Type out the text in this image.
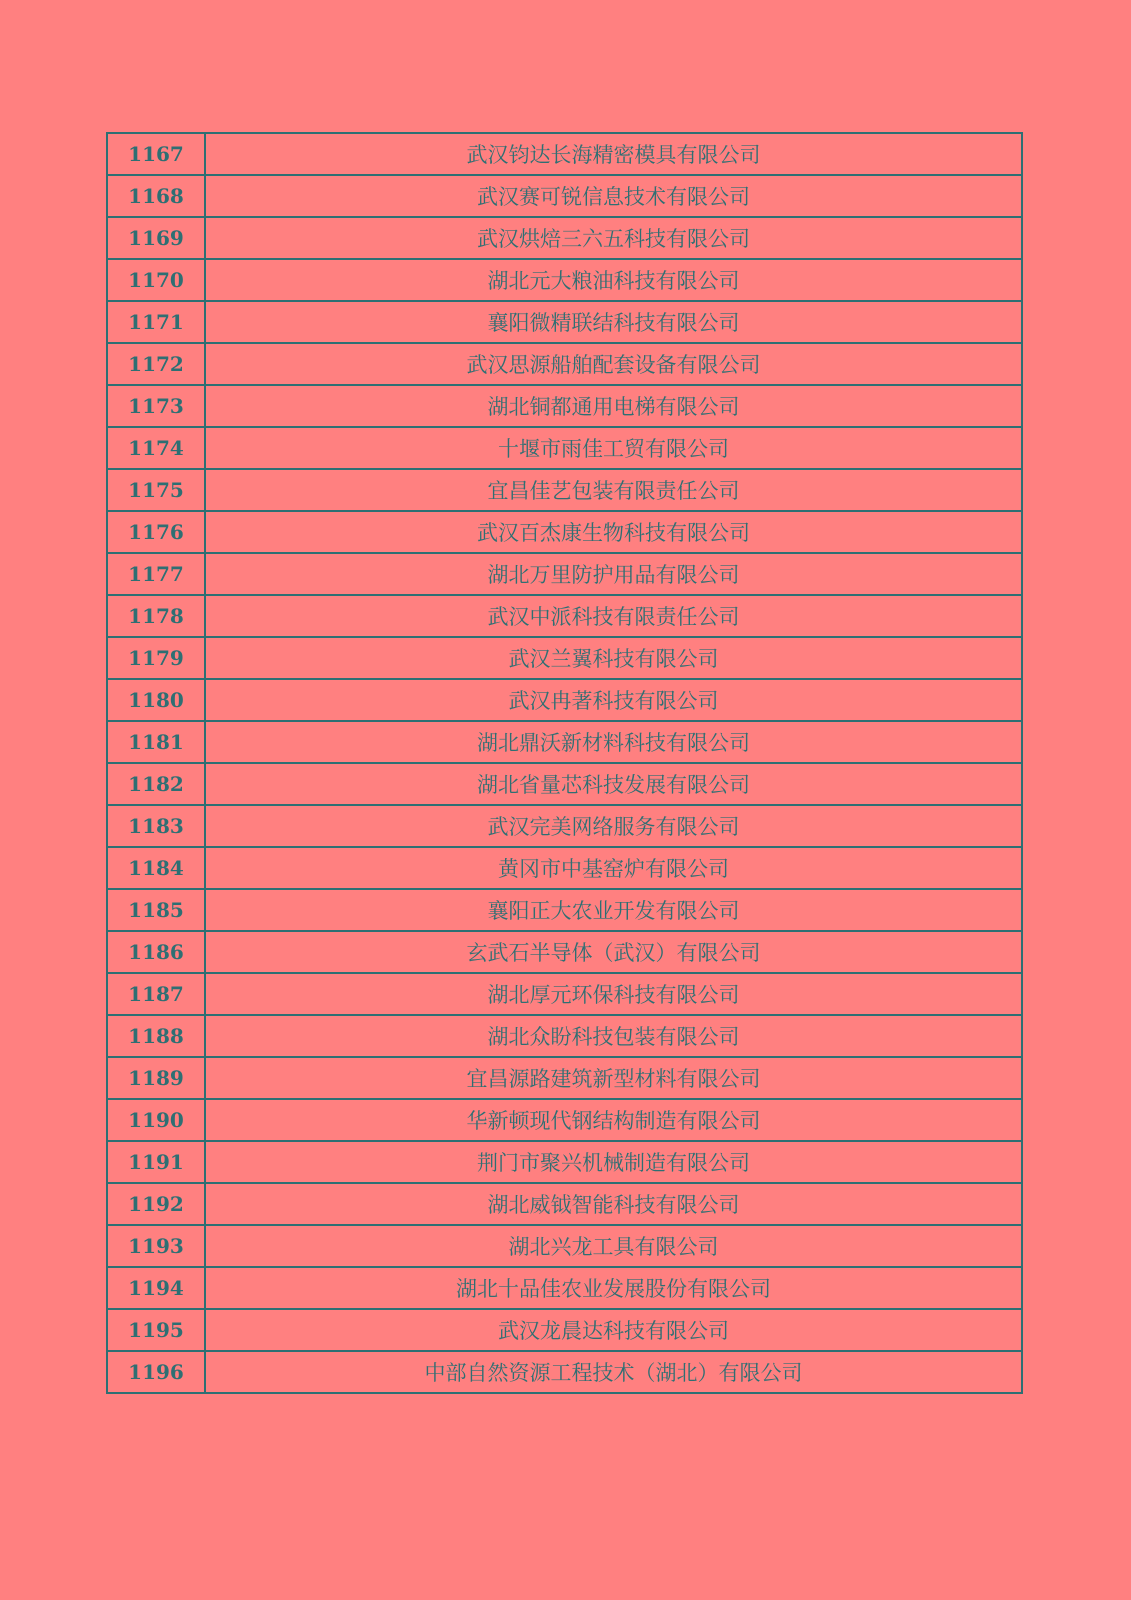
1167	武汉钧达长海精密模具有限公司
1168	武汉赛可锐信息技术有限公司
1169	武汉烘焙三六五科技有限公司
1170	湖北元大粮油科技有限公司
1171	襄阳微精联结科技有限公司
1172	武汉思源船舶配套设备有限公司
1173	湖北铜都通用电梯有限公司
1174	十堰市雨佳工贸有限公司
1175	宜昌佳艺包装有限责任公司
1176	武汉百杰康生物科技有限公司
1177	湖北万里防护用品有限公司
1178	武汉中派科技有限责任公司
1179	武汉兰翼科技有限公司
1180	武汉冉著科技有限公司
1181	湖北鼎沃新材料科技有限公司
1182	湖北省量芯科技发展有限公司
1183	武汉完美网络服务有限公司
1184	黄冈市中基窑炉有限公司
1185	襄阳正大农业开发有限公司
1186	玄武石半导体（武汉）有限公司
1187	湖北厚元环保科技有限公司
1188	湖北众盼科技包装有限公司
1189	宜昌源路建筑新型材料有限公司
1190	华新顿现代钢结构制造有限公司
1191	荆门市聚兴机械制造有限公司
1192	湖北威钺智能科技有限公司
1193	湖北兴龙工具有限公司
1194	湖北十品佳农业发展股份有限公司
1195	武汉龙晨达科技有限公司
1196	中部自然资源工程技术（湖北）有限公司
